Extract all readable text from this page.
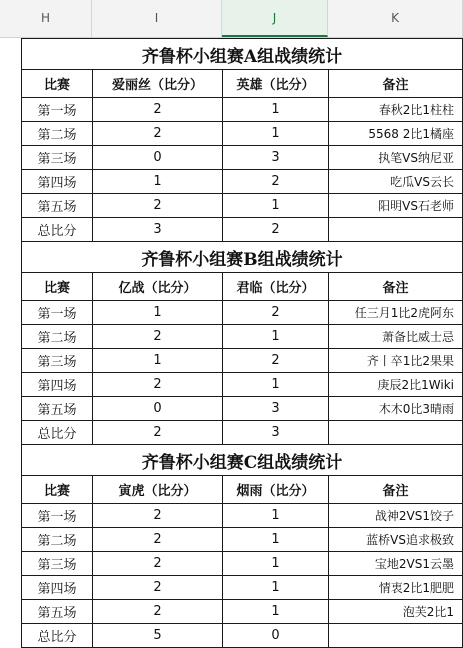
H	I	J	K
齐鲁杯小组赛A组战绩统计			
比赛	爱丽丝（比分）	英雄（比分）	备注
第一场	2	1	春秋2比1柱柱
第二场	2	1	5568 2比1橘座
第三场	0	3	执笔VS纳尼亚
第四场	1	2	吃瓜VS云长
第五场	2	1	阳明VS石老师
总比分	3	2	
齐鲁杯小组赛B组战绩统计			
比赛	亿战（比分）	君临（比分）	备注
第一场	1	2	任三月1比2虎阿东
第二场	2	1	萧备比威士忌
第三场	1	2	齐丨卒1比2果果
第四场	2	1	庚辰2比1Wiki
第五场	0	3	木木0比3晴雨
总比分	2	3	
齐鲁杯小组赛C组战绩统计			
比赛	寅虎（比分）	烟雨（比分）	备注
第一场	2	1	战神2VS1饺子
第二场	2	1	蓝桥VS追求极致
第三场	2	1	宝地2VS1云墨
第四场	2	1	情衷2比1肥肥
第五场	2	1	泡芙2比1
总比分	5	0	
